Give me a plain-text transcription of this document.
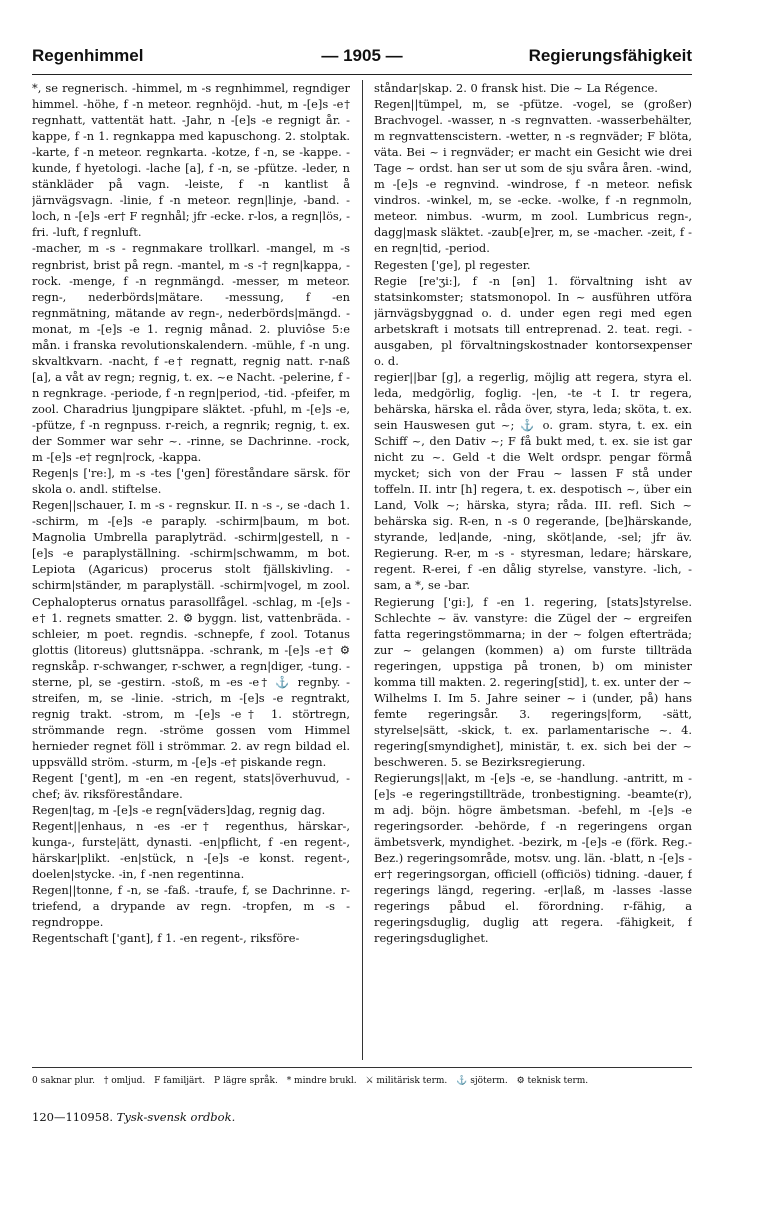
Regenhimmel	— 1905 —	Regierungsfähigkeit

*, se regnerisch. -himmel, m -s regnhimmel, regndiger himmel. -höhe, f -n meteor. regnhöjd. -hut, m -[e]s -e† regnhatt, vattentät hatt. -Jahr, n -[e]s -e regnigt år. -kappe, f -n 1. regnkappa med kapuschong. 2. stolptak. -karte, f -n meteor. regnkarta. -kotze, f -n, se -kappe. -kunde, f hyetologi. -lache [a], f -n, se -pfütze. -leder, n stänkläder på vagn. -leiste, f -n kantlist å järnvägsvagn. -linie, f -n meteor. regn|linje, -band. -loch, n -[e]s -er† F regnhål; jfr -ecke. r-los, a regn|lös, -fri. -luft, f regnluft.

-macher, m -s - regnmakare trollkarl. -mangel, m -s regnbrist, brist på regn. -mantel, m -s -† regn|kappa, -rock. -menge, f -n regnmängd. -messer, m meteor. regn-, nederbörds|mätare. -messung, f -en regnmätning, mätande av regn-, nederbörds|mängd. -monat, m -[e]s -e 1. regnig månad. 2. pluviôse 5:e mån. i franska revolutionskalendern. -mühle, f -n ung. skvaltkvarn. -nacht, f -e† regnatt, regnig natt. r-naß [a], a våt av regn; regnig, t. ex. ~e Nacht. -pelerine, f -n regnkrage. -periode, f -n regn|period, -tid. -pfeifer, m zool. Charadrius ljungpipare släktet. -pfuhl, m -[e]s -e, -pfütze, f -n regnpuss. r-reich, a regnrik; regnig, t. ex. der Sommer war sehr ~. -rinne, se Dachrinne. -rock, m -[e]s -e† regn|rock, -kappa.

Regen|s ['re:], m -s -tes ['gen] föreståndare särsk. för skola o. andl. stiftelse.

Regen||schauer, I. m -s - regnskur. II. n -s -, se -dach 1. -schirm, m -[e]s -e paraply. -schirm|baum, m bot. Magnolia Umbrella paraplyträd. -schirm|gestell, n -[e]s -e paraplyställning. -schirm|schwamm, m bot. Lepiota (Agaricus) procerus stolt fjällskivling. -schirm|ständer, m paraplyställ. -schirm|vogel, m zool. Cephalopterus ornatus parasollfågel. -schlag, m -[e]s -e† 1. regnets smatter. 2. ⚙ byggn. list, vattenbräda. -schleier, m poet. regndis. -schnepfe, f zool. Totanus glottis (litoreus) gluttsnäppa. -schrank, m -[e]s -e† ⚙ regnskåp. r-schwanger, r-schwer, a regn|diger, -tung. -sterne, pl, se -gestirn. -stoß, m -es -e† ⚓ regnby. -streifen, m, se -linie. -strich, m -[e]s -e regntrakt, regnig trakt. -strom, m -[e]s -e† 1. störtregn, strömmande regn. -ströme gossen vom Himmel hernieder regnet föll i strömmar. 2. av regn bildad el. uppsvälld ström. -sturm, m -[e]s -e† piskande regn.

Regent ['gent], m -en -en regent, stats|överhuvud, -chef; äv. riksföreståndare.

Regen|tag, m -[e]s -e regn[väders]dag, regnig dag.

Regent||enhaus, n -es -er† regenthus, härskar-, kunga-, furste|ätt, dynasti. -en|pflicht, f -en regent-, härskar|plikt. -en|stück, n -[e]s -e konst. regent-, doelen|stycke. -in, f -nen regentinna.

Regen||tonne, f -n, se -faß. -traufe, f, se Dachrinne. r-triefend, a drypande av regn. -tropfen, m -s - regndroppe.

Regentschaft ['gant], f 1. -en regent-, riksföre-

ståndar|skap. 2. 0 fransk hist. Die ~ La Régence.

Regen||tümpel, m, se -pfütze. -vogel, se (großer) Brachvogel. -wasser, n -s regnvatten. -wasserbehälter, m regnvattenscistern. -wetter, n -s regnväder; F blöta, väta. Bei ~ i regnväder; er macht ein Gesicht wie drei Tage ~ ordst. han ser ut som de sju svåra åren. -wind, m -[e]s -e regnvind. -windrose, f -n meteor. nefisk vindros. -winkel, m, se -ecke. -wolke, f -n regnmoln, meteor. nimbus. -wurm, m zool. Lumbricus regn-, dagg|mask släktet. -zaub[e]rer, m, se -macher. -zeit, f -en regn|tid, -period.

Regesten ['ge], pl regester.

Regie [re'ʒi:], f -n [ən] 1. förvaltning isht av statsinkomster; statsmonopol. In ~ ausführen utföra järnvägsbyggnad o. d. under egen regi med egen arbetskraft i motsats till entreprenad. 2. teat. regi. -ausgaben, pl förvaltningskostnader kontorsexpenser o. d.

regier||bar [g], a regerlig, möjlig att regera, styra el. leda, medgörlig, foglig. -|en, -te -t I. tr regera, behärska, härska el. råda över, styra, leda; sköta, t. ex. sein Hauswesen gut ~; ⚓ o. gram. styra, t. ex. ein Schiff ~, den Dativ ~; F få bukt med, t. ex. sie ist gar nicht zu ~. Geld -t die Welt ordspr. pengar förmå mycket; sich von der Frau ~ lassen F stå under toffeln. II. intr [h] regera, t. ex. despotisch ~, über ein Land, Volk ~; härska, styra; råda. III. refl. Sich ~ behärska sig. R-en, n -s 0 regerande, [be]härskande, styrande, led|ande, -ning, sköt|ande, -sel; jfr äv. Regierung. R-er, m -s - styresman, ledare; härskare, regent. R-erei, f -en dålig styrelse, vanstyre. -lich, -sam, a *, se -bar.

Regierung ['gi:], f -en 1. regering, [stats]styrelse. Schlechte ~ äv. vanstyre: die Zügel der ~ ergreifen fatta regeringstömmarna; in der ~ folgen efterträda; zur ~ gelangen (kommen) a) om furste tillträda regeringen, uppstiga på tronen, b) om minister komma till makten. 2. regering[stid], t. ex. unter der ~ Wilhelms I. Im 5. Jahre seiner ~ i (under, på) hans femte regeringsår. 3. regerings|form, -sätt, styrelse|sätt, -skick, t. ex. parlamentarische ~. 4. regering[smyndighet], ministär, t. ex. sich bei der ~ beschweren. 5. se Bezirksregierung.

Regierungs||akt, m -[e]s -e, se -handlung. -antritt, m -[e]s -e regeringstillträde, tronbestigning. -beamte(r), m adj. böjn. högre ämbetsman. -befehl, m -[e]s -e regeringsorder. -behörde, f -n regeringens organ ämbetsverk, myndighet. -bezirk, m -[e]s -e (förk. Reg.-Bez.) regeringsområde, motsv. ung. län. -blatt, n -[e]s -er† regeringsorgan, officiell (officiös) tidning. -dauer, f regerings längd, regering. -er|laß, m -lasses -lasse regerings påbud el. förordning. r-fähig, a regeringsduglig, duglig att regera. -fähigkeit, f regeringsduglighet.

0 saknar plur. † omljud. F familjärt. P lägre språk. * mindre brukl. ⚔ militärisk term. ⚓ sjöterm. ⚙ teknisk term.
120—110958. Tysk-svensk ordbok.
